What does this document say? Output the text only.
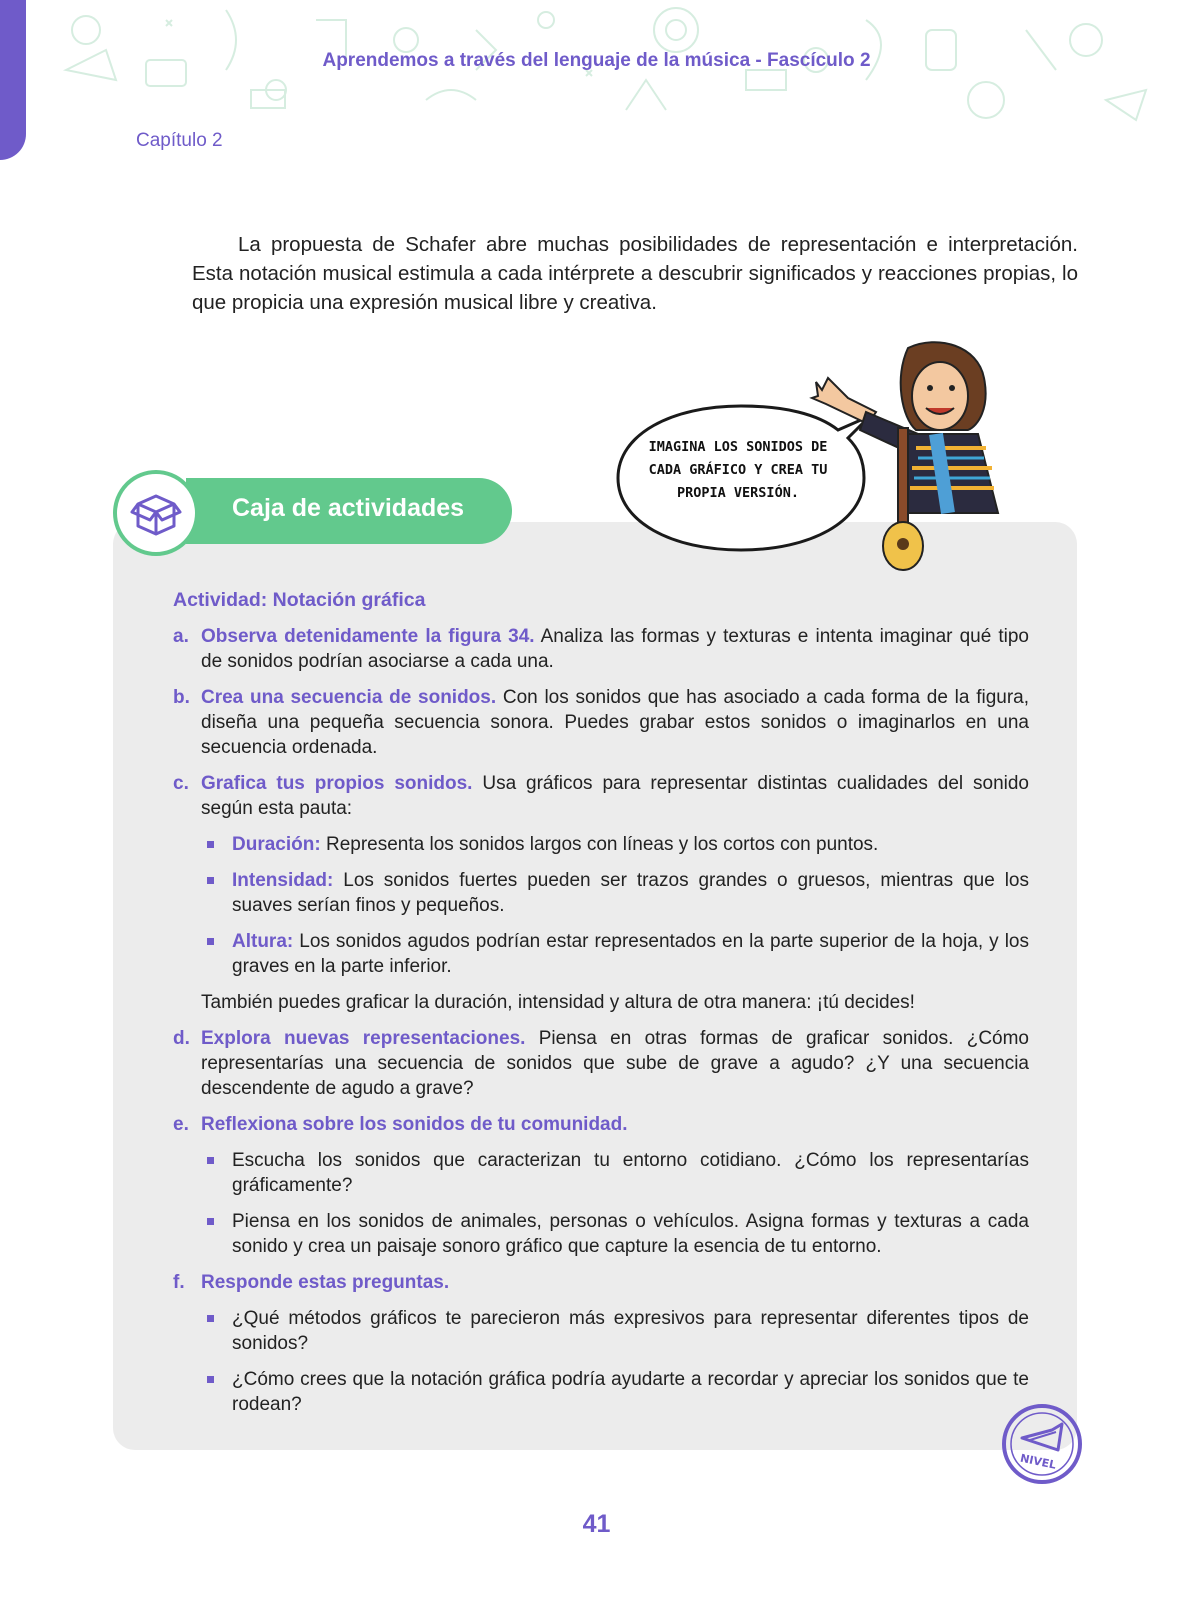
Aprendemos a través del lenguaje de la música - Fascículo 2
Capítulo 2

La propuesta de Schafer abre muchas posibilidades de representación e interpretación. Esta notación musical estimula a cada intérprete a descubrir significados y reacciones propias, lo que propicia una expresión musical libre y creativa.

IMAGINA LOS SONIDOS DE CADA GRÁFICO Y CREA TU PROPIA VERSIÓN.
Caja de actividades
Actividad: Notación gráfica
a. Observa detenidamente la figura 34. Analiza las formas y texturas e intenta imaginar qué tipo de sonidos podrían asociarse a cada una.
b. Crea una secuencia de sonidos. Con los sonidos que has asociado a cada forma de la figura, diseña una pequeña secuencia sonora. Puedes grabar estos sonidos o imaginarlos en una secuencia ordenada.
c. Grafica tus propios sonidos. Usa gráficos para representar distintas cualidades del sonido según esta pauta:
Duración: Representa los sonidos largos con líneas y los cortos con puntos.
Intensidad: Los sonidos fuertes pueden ser trazos grandes o gruesos, mientras que los suaves serían finos y pequeños.
Altura: Los sonidos agudos podrían estar representados en la parte superior de la hoja, y los graves en la parte inferior.
También puedes graficar la duración, intensidad y altura de otra manera: ¡tú decides!
d. Explora nuevas representaciones. Piensa en otras formas de graficar sonidos. ¿Cómo representarías una secuencia de sonidos que sube de grave a agudo? ¿Y una secuencia descendente de agudo a grave?
e. Reflexiona sobre los sonidos de tu comunidad.
Escucha los sonidos que caracterizan tu entorno cotidiano. ¿Cómo los representarías gráficamente?
Piensa en los sonidos de animales, personas o vehículos. Asigna formas y texturas a cada sonido y crea un paisaje sonoro gráfico que capture la esencia de tu entorno.
f. Responde estas preguntas.
¿Qué métodos gráficos te parecieron más expresivos para representar diferentes tipos de sonidos?
¿Cómo crees que la notación gráfica podría ayudarte a recordar y apreciar los sonidos que te rodean?
NIVEL
41
